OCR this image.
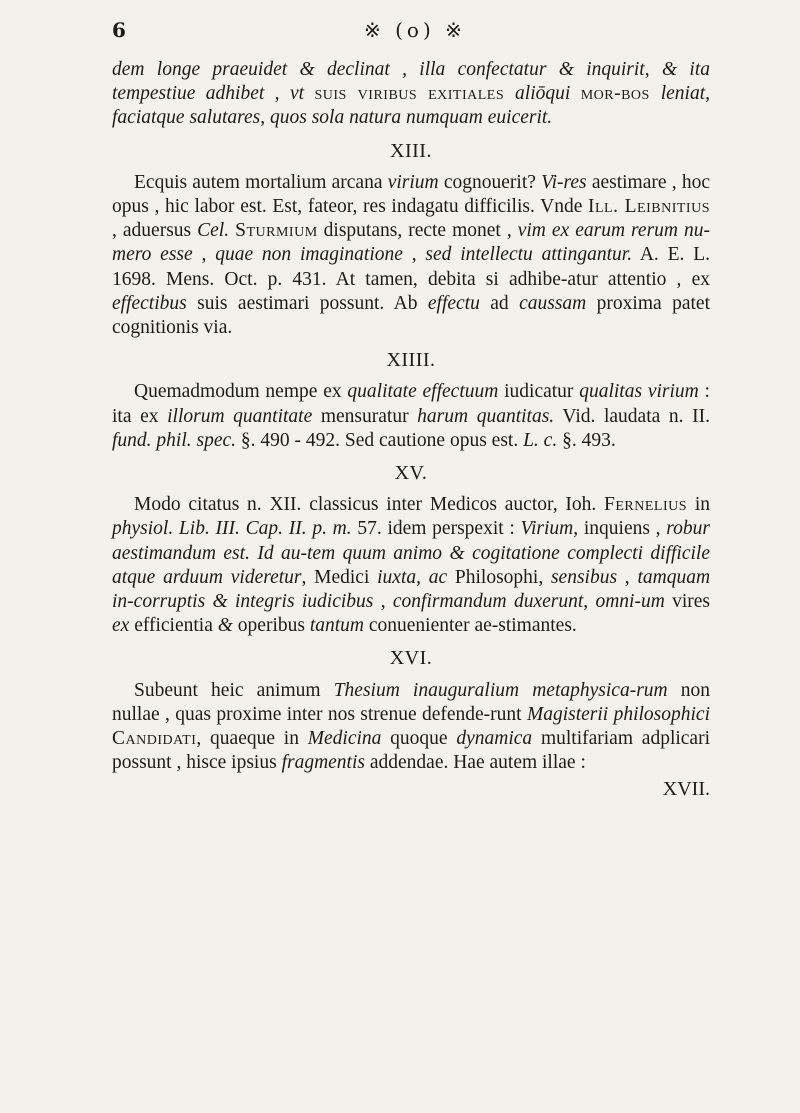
6	※ (o) ※

dem longe praeuidet & declinat , illa confectatur & inquirit, & ita tempestiue adhibet , vt suis viribus exitiales aliōqui mor-bos leniat, faciatque salutares, quos sola natura numquam euicerit.

XIII.

Ecquis autem mortalium arcana virium cognouerit? Vi-res aestimare , hoc opus , hic labor est. Est, fateor, res indagatu difficilis. Vnde Ill. Leibnitius , aduersus Cel. Sturmium disputans, recte monet , vim ex earum rerum nu-mero esse , quae non imaginatione , sed intellectu attingantur. A. E. L. 1698. Mens. Oct. p. 431. At tamen, debita si adhibe-atur attentio , ex effectibus suis aestimari possunt. Ab effectu ad caussam proxima patet cognitionis via.

XIIII.

Quemadmodum nempe ex qualitate effectuum iudicatur qualitas virium : ita ex illorum quantitate mensuratur harum quantitas. Vid. laudata n. II. fund. phil. spec. §. 490 - 492. Sed cautione opus est. L. c. §. 493.

XV.

Modo citatus n. XII. classicus inter Medicos auctor, Ioh. Fernelius in physiol. Lib. III. Cap. II. p. m. 57. idem perspexit : Virium, inquiens , robur aestimandum est. Id au-tem quum animo & cogitatione complecti difficile atque arduum videretur, Medici iuxta, ac Philosophi, sensibus , tamquam in-corruptis & integris iudicibus , confirmandum duxerunt, omni-um vires ex efficientia & operibus tantum conuenienter ae-stimantes.

XVI.

Subeunt heic animum Thesium inauguralium metaphysica-rum non nullae , quas proxime inter nos strenue defende-runt Magisterii philosophici Candidati, quaeque in Medicina quoque dynamica multifariam adplicari possunt , hisce ipsius fragmentis addendae. Hae autem illae :

XVII.
